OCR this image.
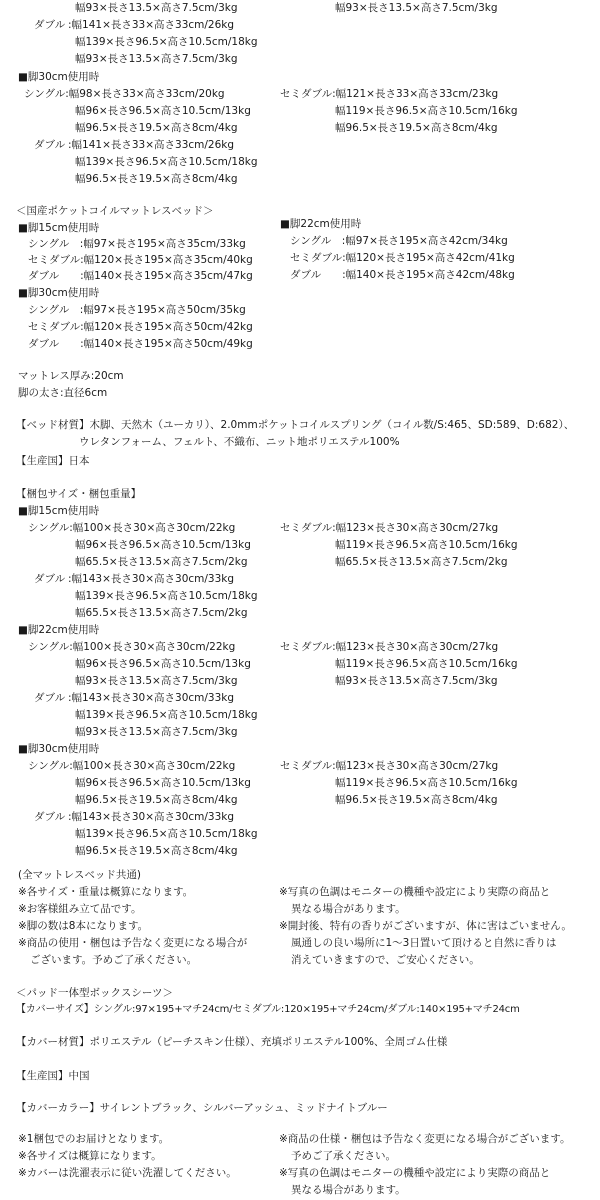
幅93×長さ13.5×高さ7.5cm/3kg	幅93×長さ13.5×高さ7.5cm/3kg
ダブル :幅141×長さ33×高さ33cm/26kg
幅139×長さ96.5×高さ10.5cm/18kg
幅93×長さ13.5×高さ7.5cm/3kg
■脚30cm使用時
シングル:幅98×長さ33×高さ33cm/20kg
幅96×長さ96.5×高さ10.5cm/13kg
幅96.5×長さ19.5×高さ8cm/4kg
ダブル :幅141×長さ33×高さ33cm/26kg
幅139×長さ96.5×高さ10.5cm/18kg
幅96.5×長さ19.5×高さ8cm/4kg
セミダブル:幅121×長さ33×高さ33cm/23kg
幅119×長さ96.5×高さ10.5cm/16kg
幅96.5×長さ19.5×高さ8cm/4kg
＜国産ポケットコイルマットレスベッド＞
■脚15cm使用時
シングル　:幅97×長さ195×高さ35cm/33kg
セミダブル:幅120×長さ195×高さ35cm/40kg
ダブル　　:幅140×長さ195×高さ35cm/47kg
■脚22cm使用時
シングル　:幅97×長さ195×高さ42cm/34kg
セミダブル:幅120×長さ195×高さ42cm/41kg
ダブル　　:幅140×長さ195×高さ42cm/48kg
■脚30cm使用時
シングル　:幅97×長さ195×高さ50cm/35kg
セミダブル:幅120×長さ195×高さ50cm/42kg
ダブル　　:幅140×長さ195×高さ50cm/49kg
マットレス厚み:20cm
脚の太さ:直径6cm
【ベッド材質】木脚、天然木（ユーカリ）、2.0mmポケットコイルスプリング（コイル数/S:465、SD:589、D:682）、
ウレタンフォーム、フェルト、不織布、ニット地ポリエステル100%
【生産国】日本
【梱包サイズ・梱包重量】
■脚15cm使用時
シングル:幅100×長さ30×高さ30cm/22kg
幅96×長さ96.5×高さ10.5cm/13kg
幅65.5×長さ13.5×高さ7.5cm/2kg
ダブル :幅143×長さ30×高さ30cm/33kg
幅139×長さ96.5×高さ10.5cm/18kg
幅65.5×長さ13.5×高さ7.5cm/2kg
セミダブル:幅123×長さ30×高さ30cm/27kg
幅119×長さ96.5×高さ10.5cm/16kg
幅65.5×長さ13.5×高さ7.5cm/2kg
■脚22cm使用時
シングル:幅100×長さ30×高さ30cm/22kg
幅96×長さ96.5×高さ10.5cm/13kg
幅93×長さ13.5×高さ7.5cm/3kg
ダブル :幅143×長さ30×高さ30cm/33kg
幅139×長さ96.5×高さ10.5cm/18kg
幅93×長さ13.5×高さ7.5cm/3kg
セミダブル:幅123×長さ30×高さ30cm/27kg
幅119×長さ96.5×高さ10.5cm/16kg
幅93×長さ13.5×高さ7.5cm/3kg
■脚30cm使用時
シングル:幅100×長さ30×高さ30cm/22kg
幅96×長さ96.5×高さ10.5cm/13kg
幅96.5×長さ19.5×高さ8cm/4kg
ダブル :幅143×長さ30×高さ30cm/33kg
幅139×長さ96.5×高さ10.5cm/18kg
幅96.5×長さ19.5×高さ8cm/4kg
セミダブル:幅123×長さ30×高さ30cm/27kg
幅119×長さ96.5×高さ10.5cm/16kg
幅96.5×長さ19.5×高さ8cm/4kg
(全マットレスベッド共通)
※各サイズ・重量は概算になります。
※お客様組み立て品です。
※脚の数は8本になります。
※商品の使用・梱包は予告なく変更になる場合が
ございます。予めご了承ください。
※写真の色調はモニターの機種や設定により実際の商品と
異なる場合があります。
※開封後、特有の香りがございますが、体に害はごいません。
風通しの良い場所に1～3日置いて頂けると自然に香りは
消えていきますので、ご安心ください。
＜パッド一体型ボックスシーツ＞
【カバーサイズ】シングル:97×195+マチ24cm/セミダブル:120×195+マチ24cm/ダブル:140×195+マチ24cm
【カバー材質】ポリエステル（ピーチスキン仕様）、充填ポリエステル100%、全周ゴム仕様
【生産国】中国
【カバーカラー】サイレントブラック、シルバーアッシュ、ミッドナイトブルー
※1梱包でのお届けとなります。
※各サイズは概算になります。
※カバーは洗濯表示に従い洗濯してください。
※商品の仕様・梱包は予告なく変更になる場合がございます。
予めご了承ください。
※写真の色調はモニターの機種や設定により実際の商品と
異なる場合があります。
